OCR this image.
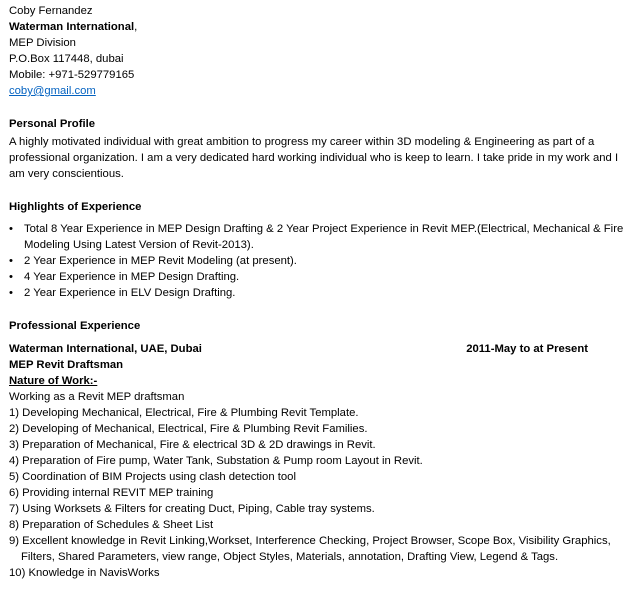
Coby Fernandez
Waterman International,
MEP Division
P.O.Box 117448, dubai
Mobile: +971-529779165
coby@gmail.com
Personal Profile
A highly motivated individual with great ambition to progress my career within 3D modeling & Engineering as part of a professional organization. I am a very dedicated hard working individual who is keep to learn. I take pride in my work and I am very conscientious.
Highlights of Experience
• Total 8 Year Experience in MEP Design Drafting & 2 Year Project Experience in Revit MEP.(Electrical, Mechanical & Fire Modeling Using Latest Version of Revit-2013).
• 2 Year Experience in MEP Revit Modeling (at present).
• 4 Year Experience in MEP Design Drafting.
• 2 Year Experience in ELV Design Drafting.
Professional Experience
Waterman International, UAE, Dubai	2011-May to at Present
MEP Revit Draftsman
Nature of Work:-
Working as a Revit MEP draftsman
1) Developing Mechanical, Electrical, Fire & Plumbing Revit Template.
2) Developing of Mechanical, Electrical, Fire & Plumbing Revit Families.
3) Preparation of Mechanical, Fire & electrical 3D & 2D drawings in Revit.
4) Preparation of Fire pump, Water Tank, Substation & Pump room Layout in Revit.
5) Coordination of BIM Projects using clash detection tool
6) Providing internal REVIT MEP training
7) Using Worksets & Filters for creating Duct, Piping, Cable tray systems.
8) Preparation of Schedules & Sheet List
9) Excellent knowledge in Revit Linking,Workset, Interference Checking, Project Browser, Scope Box, Visibility Graphics, Filters, Shared Parameters, view range, Object Styles, Materials, annotation, Drafting View, Legend & Tags.
10) Knowledge in NavisWorks
